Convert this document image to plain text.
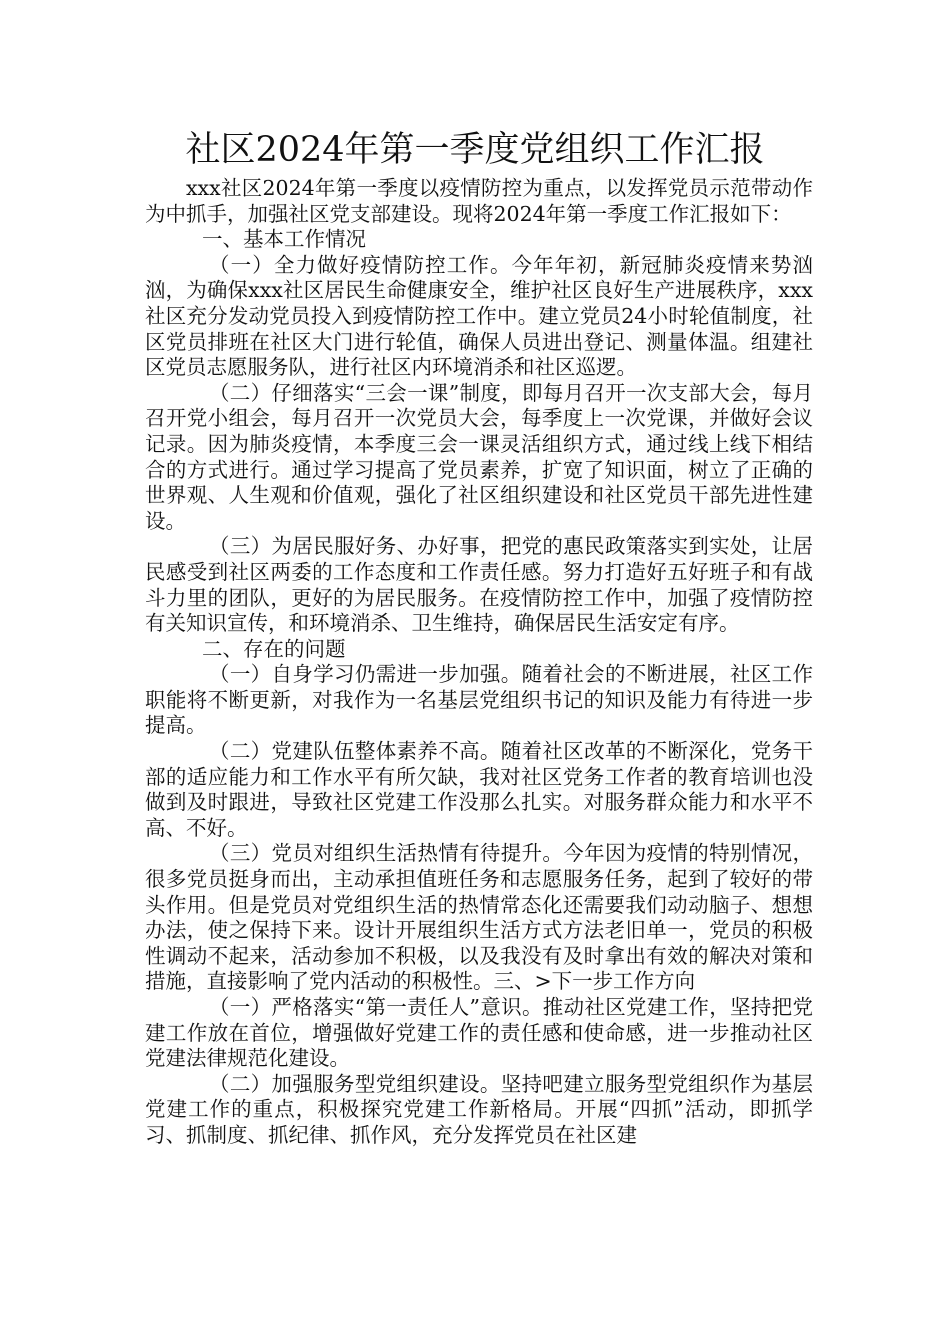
社区2024年第一季度党组织工作汇报

xxx社区2024年第一季度以疫情防控为重点，以发挥党员示范带动作为中抓手，加强社区党支部建设。现将2024年第一季度工作汇报如下：

一、基本工作情况

（一）全力做好疫情防控工作。今年年初，新冠肺炎疫情来势汹汹，为确保xxx社区居民生命健康安全，维护社区良好生产进展秩序，xxx社区充分发动党员投入到疫情防控工作中。建立党员24小时轮值制度，社区党员排班在社区大门进行轮值，确保人员进出登记、测量体温。组建社区党员志愿服务队，进行社区内环境消杀和社区巡逻。

（二）仔细落实“三会一课”制度，即每月召开一次支部大会，每月召开党小组会，每月召开一次党员大会，每季度上一次党课，并做好会议记录。因为肺炎疫情，本季度三会一课灵活组织方式，通过线上线下相结合的方式进行。通过学习提高了党员素养，扩宽了知识面，树立了正确的世界观、人生观和价值观，强化了社区组织建设和社区党员干部先进性建设。

（三）为居民服好务、办好事，把党的惠民政策落实到实处，让居民感受到社区两委的工作态度和工作责任感。努力打造好五好班子和有战斗力里的团队，更好的为居民服务。在疫情防控工作中，加强了疫情防控有关知识宣传，和环境消杀、卫生维持，确保居民生活安定有序。

二、存在的问题

（一）自身学习仍需进一步加强。随着社会的不断进展，社区工作职能将不断更新，对我作为一名基层党组织书记的知识及能力有待进一步提高。

（二）党建队伍整体素养不高。随着社区改革的不断深化，党务干部的适应能力和工作水平有所欠缺，我对社区党务工作者的教育培训也没做到及时跟进，导致社区党建工作没那么扎实。对服务群众能力和水平不高、不好。

（三）党员对组织生活热情有待提升。今年因为疫情的特别情况，很多党员挺身而出，主动承担值班任务和志愿服务任务，起到了较好的带头作用。但是党员对党组织生活的热情常态化还需要我们动动脑子、想想办法，使之保持下来。设计开展组织生活方式方法老旧单一，党员的积极性调动不起来，活动参加不积极，以及我没有及时拿出有效的解决对策和措施，直接影响了党内活动的积极性。三、>下一步工作方向

（一）严格落实“第一责任人”意识。推动社区党建工作，坚持把党建工作放在首位，增强做好党建工作的责任感和使命感，进一步推动社区党建法律规范化建设。

（二）加强服务型党组织建设。坚持吧建立服务型党组织作为基层党建工作的重点，积极探究党建工作新格局。开展“四抓”活动，即抓学习、抓制度、抓纪律、抓作风，充分发挥党员在社区建
